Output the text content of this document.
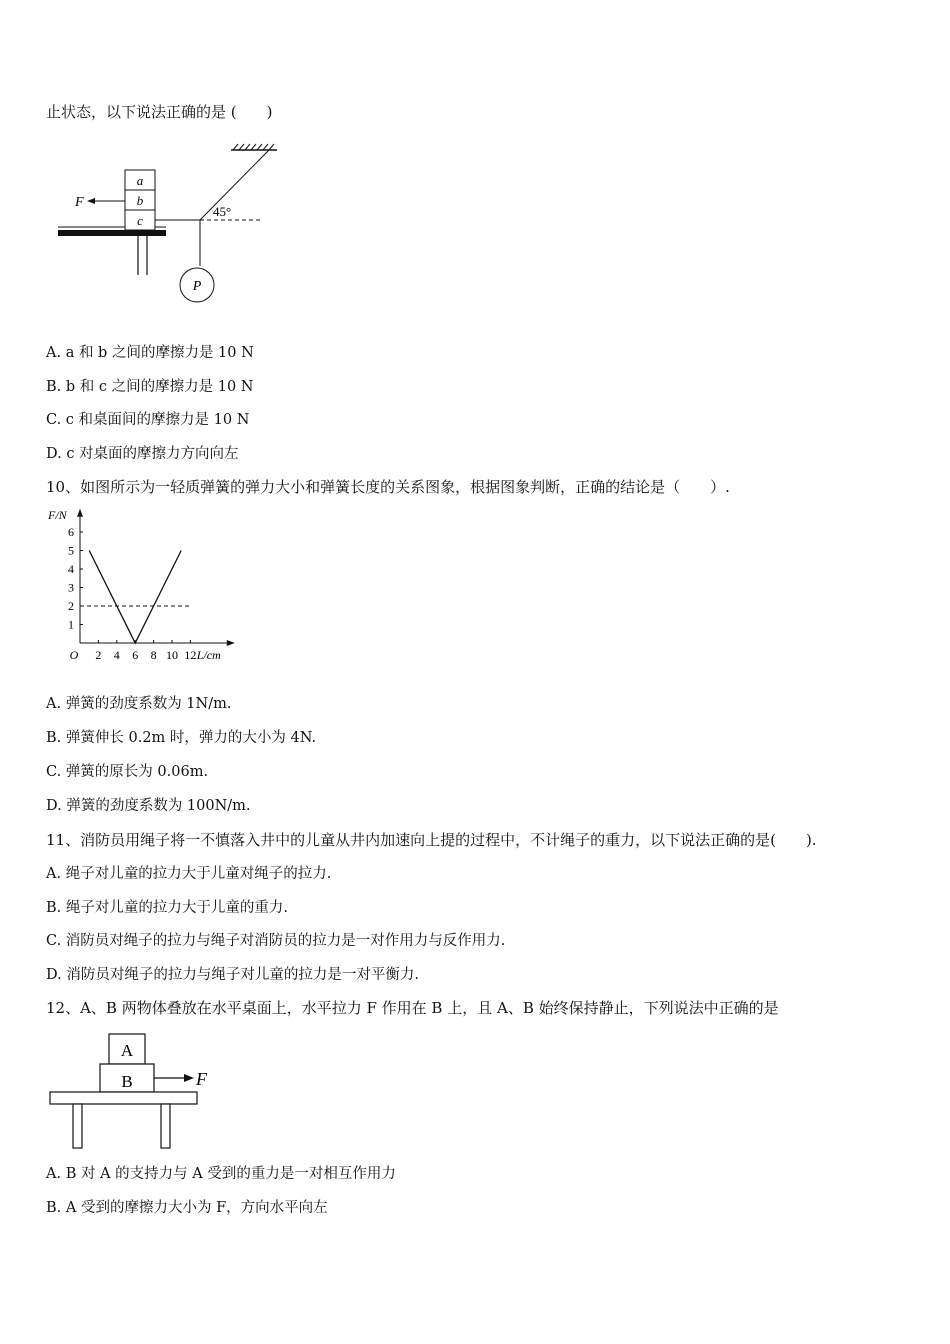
止状态，以下说法正确的是 (　　)
a
b
c
F
45°
P
A. a 和 b 之间的摩擦力是 10 N
B. b 和 c 之间的摩擦力是 10 N
C. c 和桌面间的摩擦力是 10 N
D. c 对桌面的摩擦力方向向左
10、如图所示为一轻质弹簧的弹力大小和弹簧长度的关系图象，根据图象判断，正确的结论是（　　）.
2 4 6 8 10 12
1
2
3
4
5
6
F/N
L/cm
O
A. 弹簧的劲度系数为 1N/m.
B. 弹簧伸长 0.2m 时，弹力的大小为 4N.
C. 弹簧的原长为 0.06m.
D. 弹簧的劲度系数为 100N/m.
11、消防员用绳子将一不慎落入井中的儿童从井内加速向上提的过程中，不计绳子的重力，以下说法正确的是(　　).
A. 绳子对儿童的拉力大于儿童对绳子的拉力.
B. 绳子对儿童的拉力大于儿童的重力.
C. 消防员对绳子的拉力与绳子对消防员的拉力是一对作用力与反作用力.
D. 消防员对绳子的拉力与绳子对儿童的拉力是一对平衡力.
12、A、B 两物体叠放在水平桌面上，水平拉力 F 作用在 B 上，且 A、B 始终保持静止，下列说法中正确的是
A
B	F
A. B 对 A 的支持力与 A 受到的重力是一对相互作用力
B. A 受到的摩擦力大小为 F，方向水平向左
